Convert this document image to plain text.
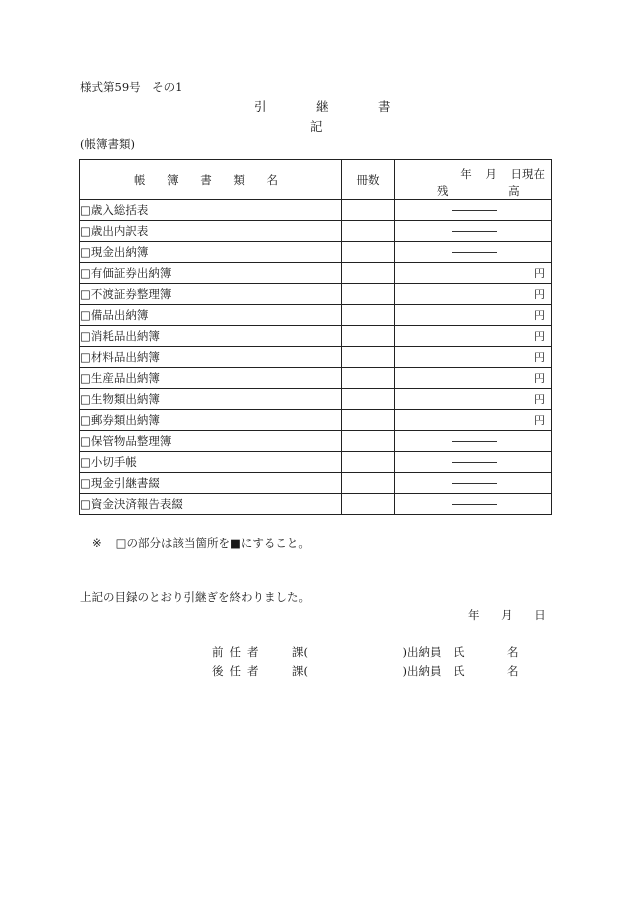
様式第59号　その1
引	継	書
記
(帳簿書類)
帳 簿 書 類 名	冊数	年 月 日現在
残 高

□歳入総括表		

□歳出内訳表		

□現金出納簿		

□有価証券出納簿		円

□不渡証券整理簿		円

□備品出納簿		円

□消耗品出納簿		円

□材料品出納簿		円

□生産品出納簿		円

□生物類出納簿		円

□郵券類出納簿		円

□保管物品整理簿		

□小切手帳		

□現金引継書綴		

□資金決済報告表綴		
※ □の部分は該当箇所を■にすること。
上記の目録のとおり引継ぎを終わりました。
年 月 日
前任者 課(	)出納員　氏	名
後任者 課(	)出納員　氏	名
